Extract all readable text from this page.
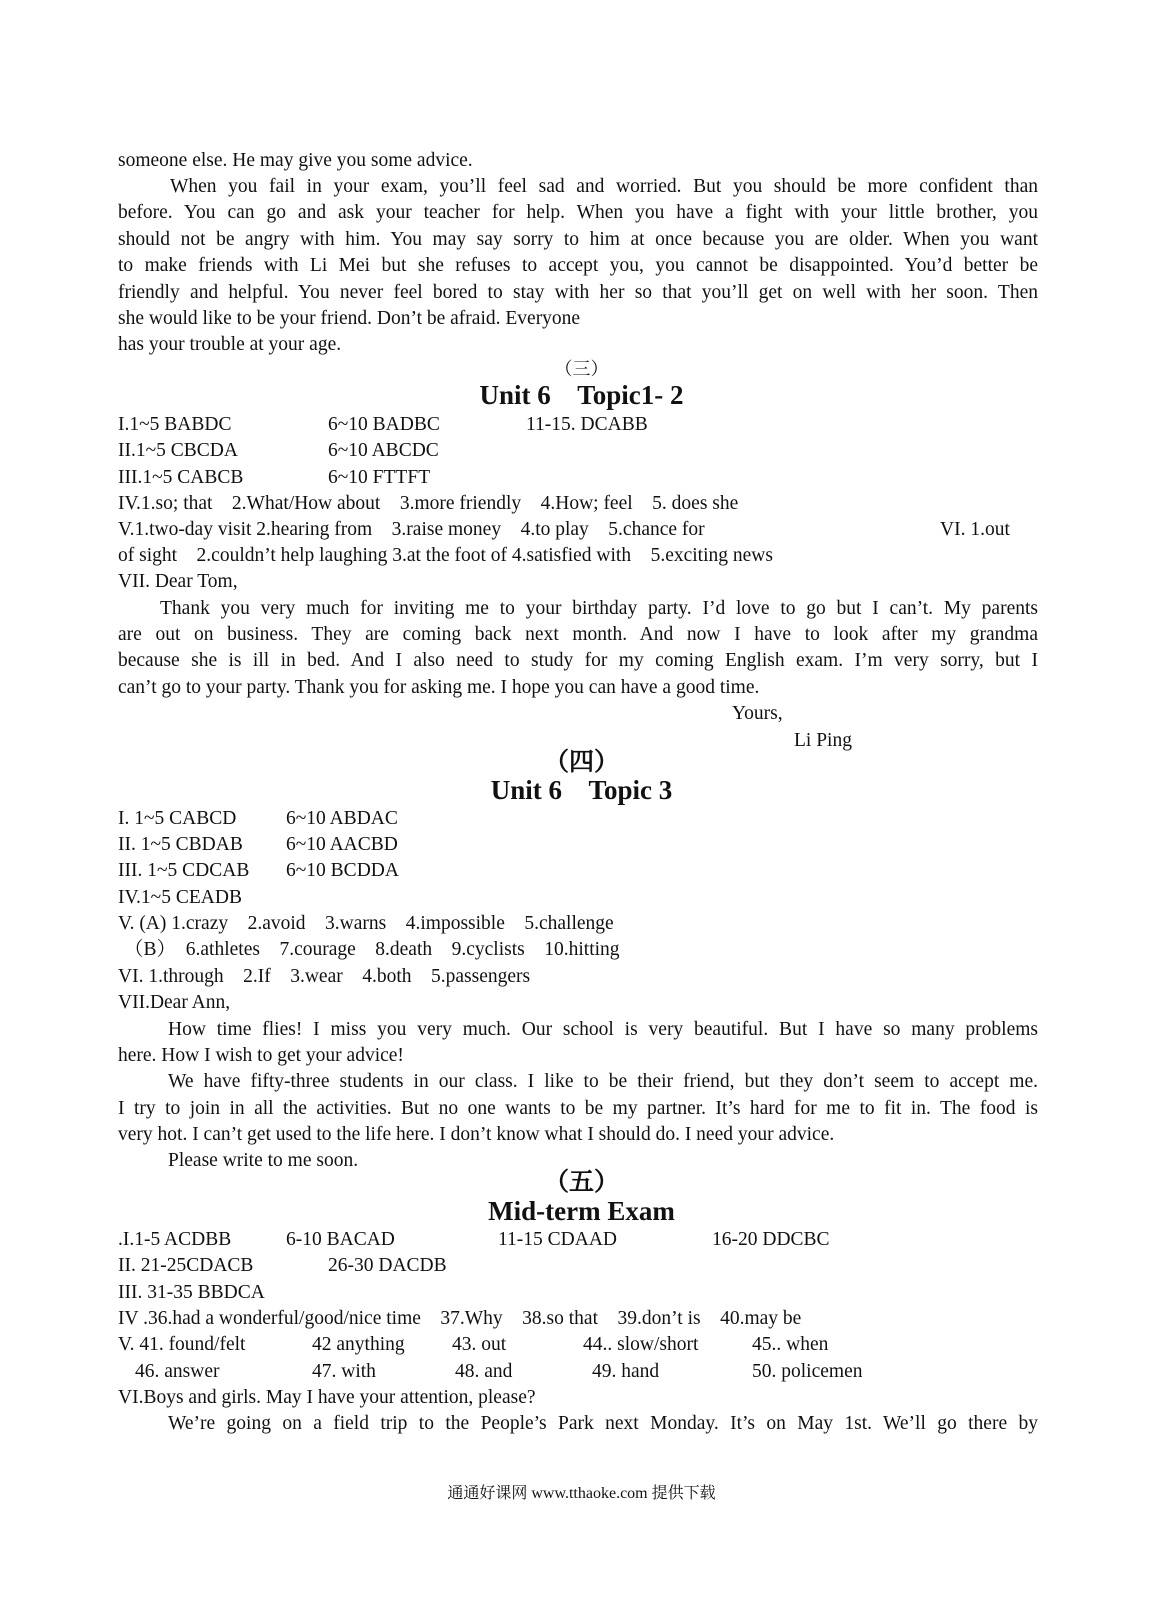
someone else. He may give you some advice.
When you fail in your exam, you’ll feel sad and worried. But you should be more confident than
before. You can go and ask your teacher for help. When you have a fight with your little brother, you
should not be angry with him. You may say sorry to him at once because you are older. When you want
to make friends with Li Mei but she refuses to accept you, you cannot be disappointed. You’d better be
friendly and helpful. You never feel bored to stay with her so that you’ll get on well with her soon. Then
she would like to be your friend. Don’t be afraid. Everyone
has your trouble at your age.
（三）
Unit 6    Topic1- 2
I.1~5 BABDC	6~10 BADBC	11-15. DCABB
II.1~5 CBCDA	6~10 ABCDC
III.1~5 CABCB	6~10 FTTFT
IV.1.so; that    2.What/How about    3.more friendly    4.How; feel    5. does she
V.1.two-day visit 2.hearing from    3.raise money    4.to play    5.chance for	VI. 1.out
of sight    2.couldn’t help laughing 3.at the foot of 4.satisfied with    5.exciting news
VII. Dear Tom,
Thank you very much for inviting me to your birthday party. I’d love to go but I can’t. My parents
are out on business. They are coming back next month. And now I have to look after my grandma
because she is ill in bed. And I also need to study for my coming English exam. I’m very sorry, but I
can’t go to your party. Thank you for asking me. I hope you can have a good time.
Yours,
Li Ping
（四）
Unit 6    Topic 3
I. 1~5 CABCD	6~10 ABDAC
II. 1~5 CBDAB 6~10 AACBD
III. 1~5 CDCAB 6~10 BCDDA
IV.1~5 CEADB
V. (A) 1.crazy    2.avoid    3.warns    4.impossible    5.challenge
（B）  6.athletes    7.courage    8.death    9.cyclists    10.hitting
VI. 1.through    2.If    3.wear    4.both    5.passengers
VII.Dear Ann,
How time flies! I miss you very much. Our school is very beautiful. But I have so many problems
here. How I wish to get your advice!
We have fifty-three students in our class. I like to be their friend, but they don’t seem to accept me.
I try to join in all the activities. But no one wants to be my partner. It’s hard for me to fit in. The food is
very hot. I can’t get used to the life here. I don’t know what I should do. I need your advice.
Please write to me soon.
（五）
Mid-term Exam
.I.1-5 ACDBB	6-10 BACAD	11-15 CDAAD	16-20 DDCBC
II. 21-25CDACB	26-30 DACDB
III. 31-35 BBDCA
IV .36.had a wonderful/good/nice time    37.Why    38.so that    39.don’t is    40.may be
V. 41. found/felt	42 anything 43. out	44.. slow/short	45.. when
46. answer	47. with	48. and	49. hand	50. policemen
VI.Boys and girls. May I have your attention, please?
We’re going on a field trip to the People’s Park next Monday. It’s on May 1st. We’ll go there by
通通好课网 www.tthaoke.com 提供下载
